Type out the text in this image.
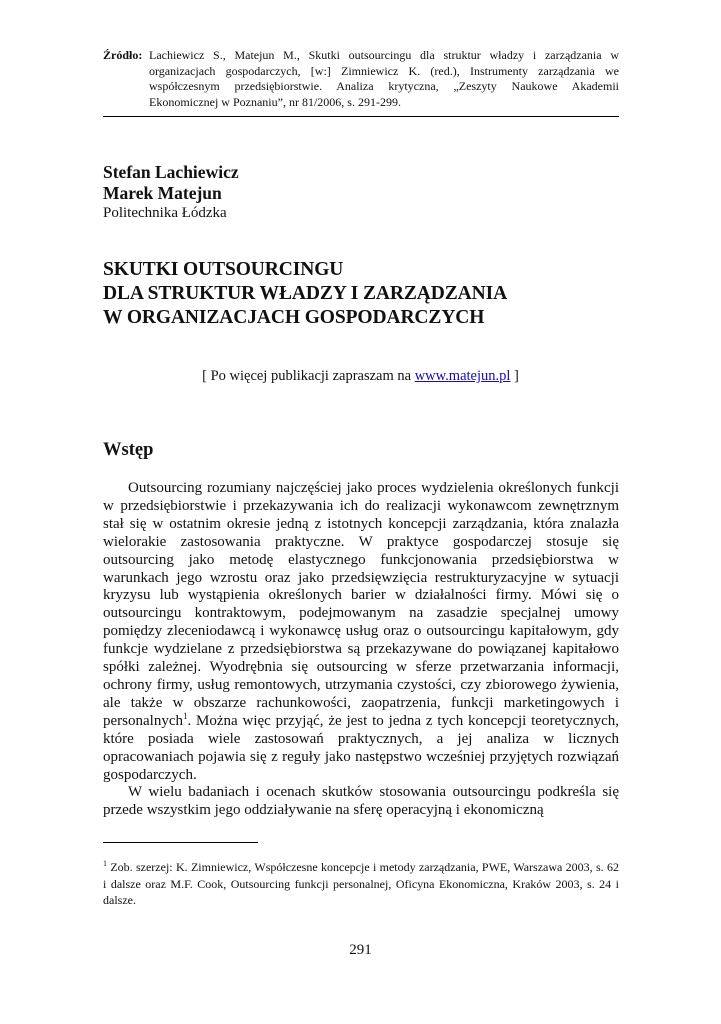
Źródło: Lachiewicz S., Matejun M., Skutki outsourcingu dla struktur władzy i zarządzania w organizacjach gospodarczych, [w:] Zimniewicz K. (red.), Instrumenty zarządzania we współczesnym przedsiębiorstwie. Analiza krytyczna, „Zeszyty Naukowe Akademii Ekonomicznej w Poznaniu”, nr 81/2006, s. 291-299.
Stefan Lachiewicz
Marek Matejun
Politechnika Łódzka
SKUTKI OUTSOURCINGU
DLA STRUKTUR WŁADZY I ZARZĄDZANIA
W ORGANIZACJACH GOSPODARCZYCH
[ Po więcej publikacji zapraszam na www.matejun.pl ]
Wstęp

Outsourcing rozumiany najczęściej jako proces wydzielenia określonych funkcji w przedsiębiorstwie i przekazywania ich do realizacji wykonawcom zewnętrznym stał się w ostatnim okresie jedną z istotnych koncepcji zarządzania, która znalazła wielorakie zastosowania praktyczne. W praktyce gospodarczej stosuje się outsourcing jako metodę elastycznego funkcjonowania przedsiębiorstwa w warunkach jego wzrostu oraz jako przedsięwzięcia restrukturyzacyjne w sytuacji kryzysu lub wystąpienia określonych barier w działalności firmy. Mówi się o outsourcingu kontraktowym, podejmowanym na zasadzie specjalnej umowy pomiędzy zleceniodawcą i wykonawcę usług oraz o outsourcingu kapitałowym, gdy funkcje wydzielane z przedsiębiorstwa są przekazywane do powiązanej kapitałowo spółki zależnej. Wyodrębnia się outsourcing w sferze przetwarzania informacji, ochrony firmy, usług remontowych, utrzymania czystości, czy zbiorowego żywienia, ale także w obszarze rachunkowości, zaopatrzenia, funkcji marketingowych i personalnych$^1$. Można więc przyjąć, że jest to jedna z tych koncepcji teoretycznych, które posiada wiele zastosowań praktycznych, a jej analiza w licznych opracowaniach pojawia się z reguły jako następstwo wcześniej przyjętych rozwiązań gospodarczych.

W wielu badaniach i ocenach skutków stosowania outsourcingu podkreśla się przede wszystkim jego oddziaływanie na sferę operacyjną i ekonomiczną

$^1$ Zob. szerzej: K. Zimniewicz, Współczesne koncepcje i metody zarządzania, PWE, Warszawa 2003, s. 62 i dalsze oraz M.F. Cook, Outsourcing funkcji personalnej, Oficyna Ekonomiczna, Kraków 2003, s. 24 i dalsze.
291
